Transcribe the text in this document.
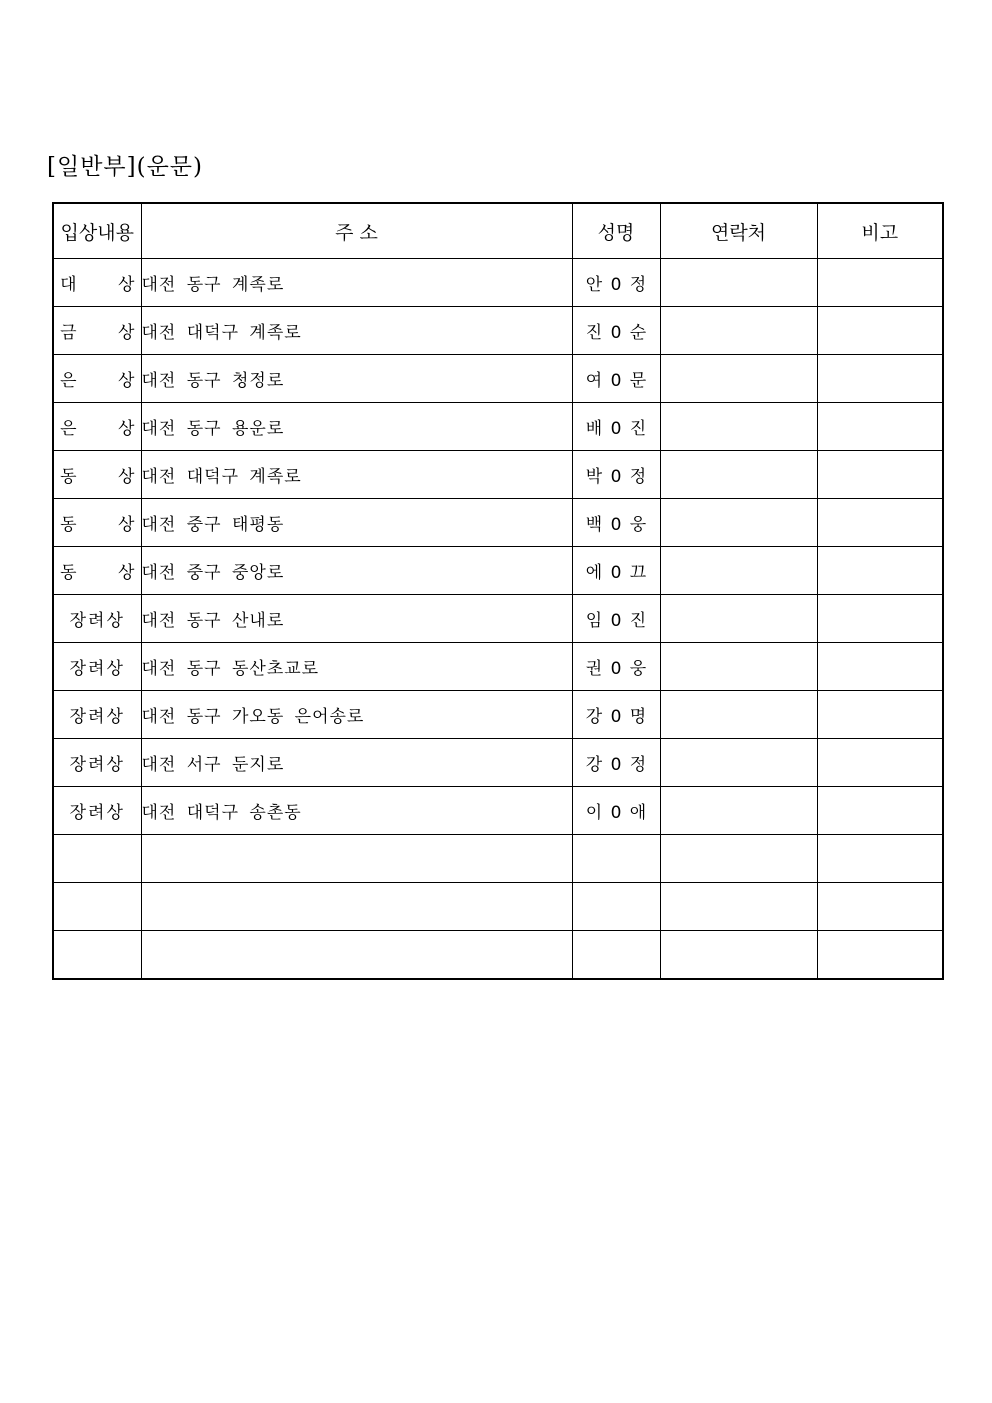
[일반부](운문)
입상내용	주 소	성명	연락처	비고
대 상	대전 동구 계족로	안 0 정		
금 상	대전 대덕구 계족로	진 0 순		
은 상	대전 동구 청정로	여 0 문		
은 상	대전 동구 용운로	배 0 진		
동 상	대전 대덕구 계족로	박 0 정		
동 상	대전 중구 태평동	백 0 웅		
동 상	대전 중구 중앙로	에 0 끄		
장려상	대전 동구 산내로	임 0 진		
장려상	대전 동구 동산초교로	권 0 웅		
장려상	대전 동구 가오동 은어송로	강 0 명		
장려상	대전 서구 둔지로	강 0 정		
장려상	대전 대덕구 송촌동	이 0 애		
